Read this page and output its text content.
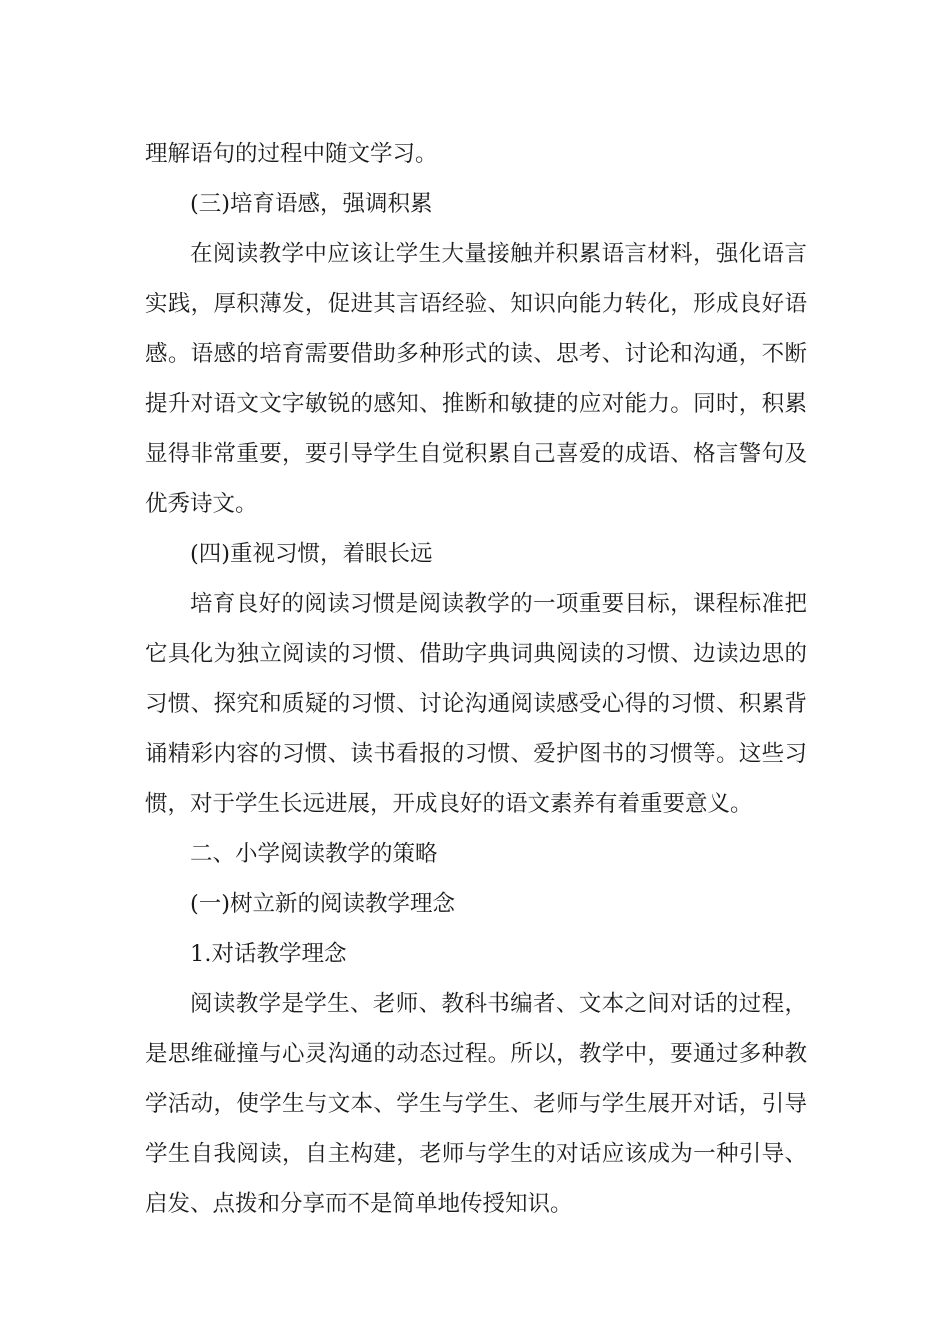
理解语句的过程中随文学习。

(三)培育语感，强调积累

在阅读教学中应该让学生大量接触并积累语言材料，强化语言实践，厚积薄发，促进其言语经验、知识向能力转化，形成良好语感。语感的培育需要借助多种形式的读、思考、讨论和沟通，不断提升对语文文字敏锐的感知、推断和敏捷的应对能力。同时，积累显得非常重要，要引导学生自觉积累自己喜爱的成语、格言警句及优秀诗文。

(四)重视习惯，着眼长远

培育良好的阅读习惯是阅读教学的一项重要目标，课程标准把它具化为独立阅读的习惯、借助字典词典阅读的习惯、边读边思的习惯、探究和质疑的习惯、讨论沟通阅读感受心得的习惯、积累背诵精彩内容的习惯、读书看报的习惯、爱护图书的习惯等。这些习惯，对于学生长远进展，开成良好的语文素养有着重要意义。

二、小学阅读教学的策略

(一)树立新的阅读教学理念

1.对话教学理念

阅读教学是学生、老师、教科书编者、文本之间对话的过程，是思维碰撞与心灵沟通的动态过程。所以，教学中，要通过多种教学活动，使学生与文本、学生与学生、老师与学生展开对话，引导学生自我阅读，自主构建，老师与学生的对话应该成为一种引导、启发、点拨和分享而不是简单地传授知识。
